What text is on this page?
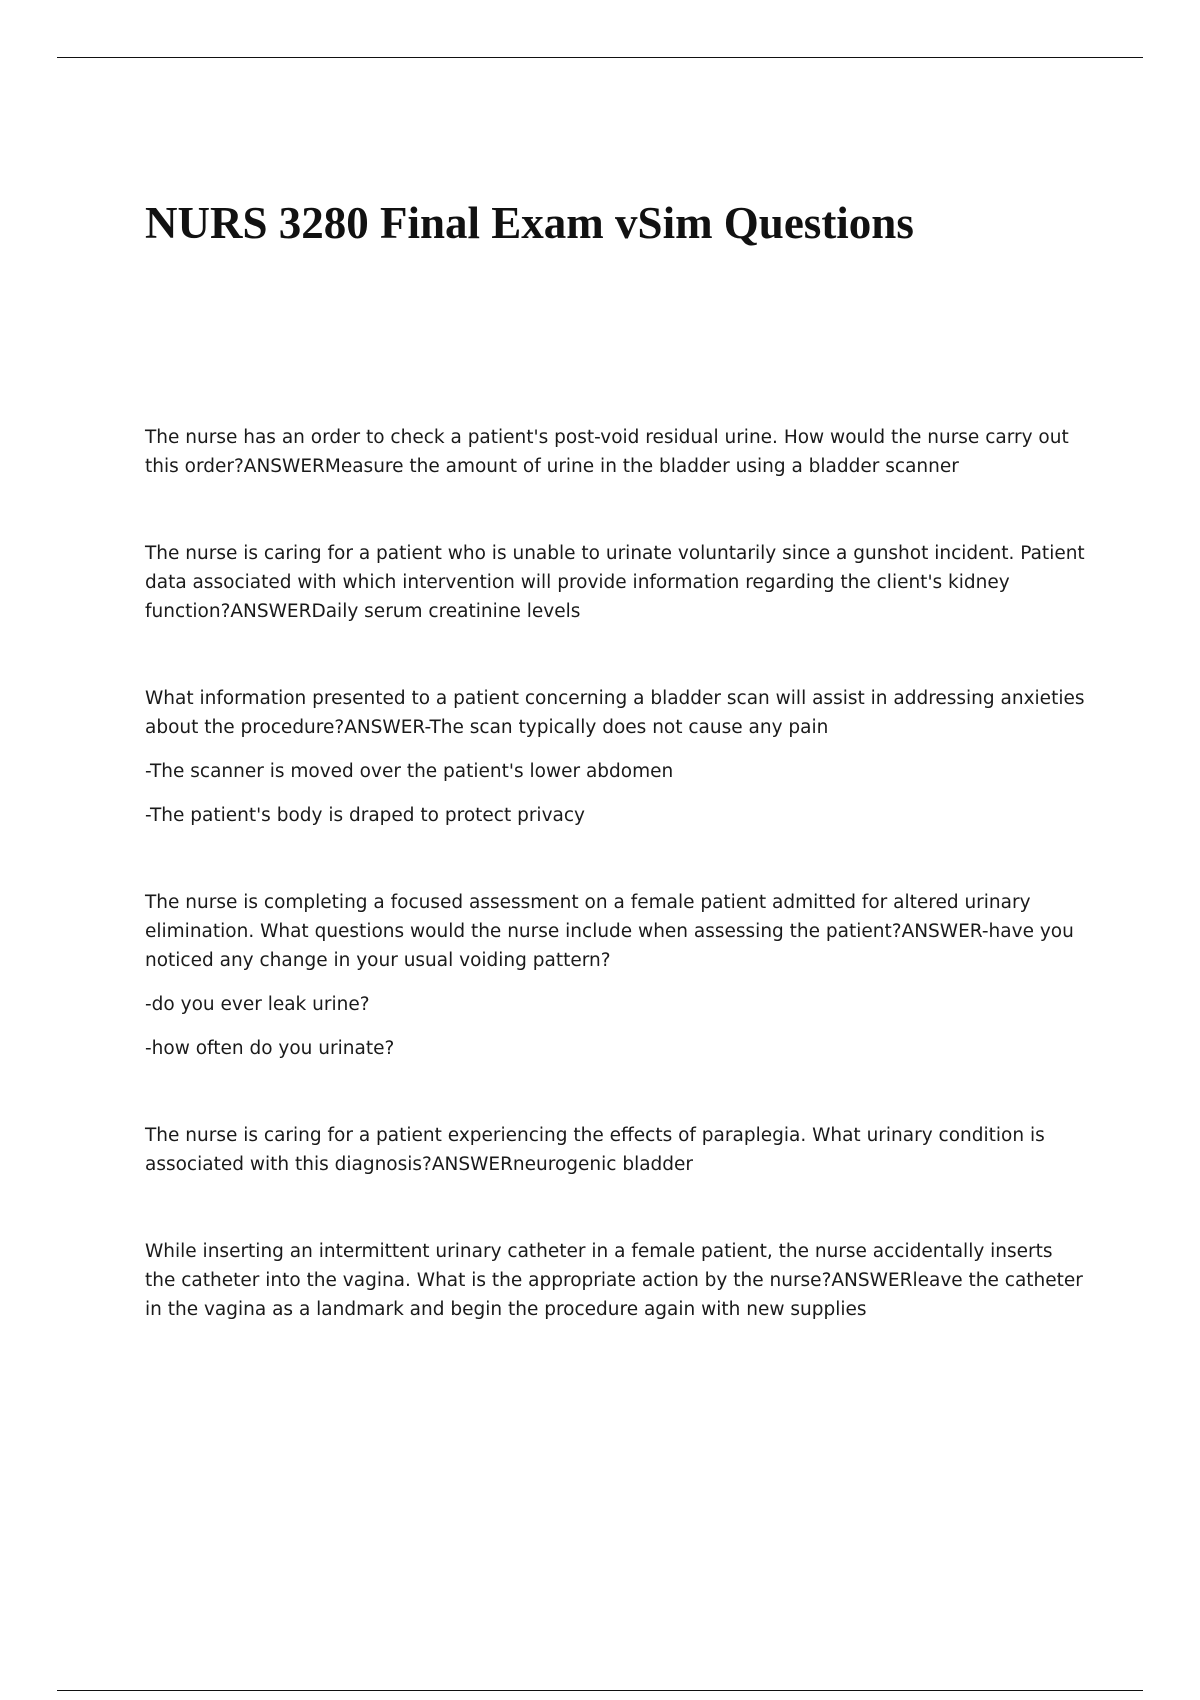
NURS 3280 Final Exam vSim Questions

The nurse has an order to check a patient's post-void residual urine. How would the nurse carry out this order?ANSWERMeasure the amount of urine in the bladder using a bladder scanner

The nurse is caring for a patient who is unable to urinate voluntarily since a gunshot incident. Patient data associated with which intervention will provide information regarding the client's kidney function?ANSWERDaily serum creatinine levels

What information presented to a patient concerning a bladder scan will assist in addressing anxieties about the procedure?ANSWER-The scan typically does not cause any pain

-The scanner is moved over the patient's lower abdomen

-The patient's body is draped to protect privacy

The nurse is completing a focused assessment on a female patient admitted for altered urinary elimination. What questions would the nurse include when assessing the patient?ANSWER-have you noticed any change in your usual voiding pattern?

-do you ever leak urine?

-how often do you urinate?

The nurse is caring for a patient experiencing the effects of paraplegia. What urinary condition is associated with this diagnosis?ANSWERneurogenic bladder

While inserting an intermittent urinary catheter in a female patient, the nurse accidentally inserts the catheter into the vagina. What is the appropriate action by the nurse?ANSWERleave the catheter in the vagina as a landmark and begin the procedure again with new supplies
